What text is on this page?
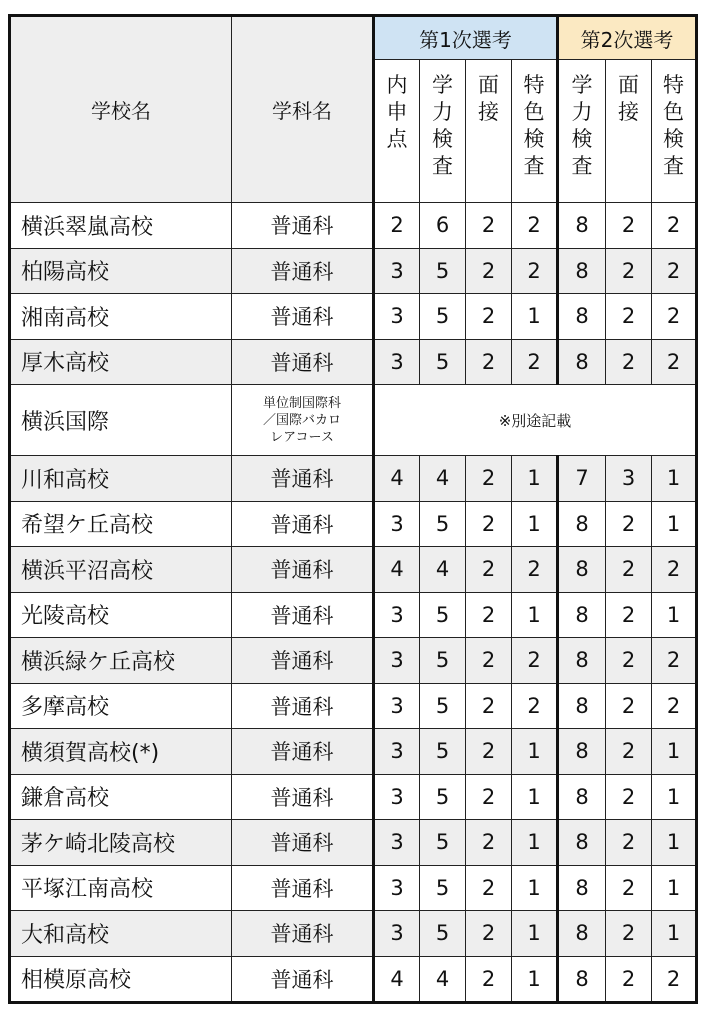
学校名	学科名	第1次選考				第2次選考		

		内
申
点	学
力
検
査	面
接	特
色
検
査	学
力
検
査	面
接	特
色
検
査

横浜翠嵐高校	普通科	2	6	2	2	8	2	2
柏陽高校	普通科	3	5	2	2	8	2	2
湘南高校	普通科	3	5	2	1	8	2	2
厚木高校	普通科	3	5	2	2	8	2	2
横浜国際	単位制国際科
／国際バカロ
レアコース	※別途記載						
川和高校	普通科	4	4	2	1	7	3	1
希望ケ丘高校	普通科	3	5	2	1	8	2	1
横浜平沼高校	普通科	4	4	2	2	8	2	2
光陵高校	普通科	3	5	2	1	8	2	1
横浜緑ケ丘高校	普通科	3	5	2	2	8	2	2
多摩高校	普通科	3	5	2	2	8	2	2
横須賀高校(*)	普通科	3	5	2	1	8	2	1
鎌倉高校	普通科	3	5	2	1	8	2	1
茅ケ崎北陵高校	普通科	3	5	2	1	8	2	1
平塚江南高校	普通科	3	5	2	1	8	2	1
大和高校	普通科	3	5	2	1	8	2	1
相模原高校	普通科	4	4	2	1	8	2	2
